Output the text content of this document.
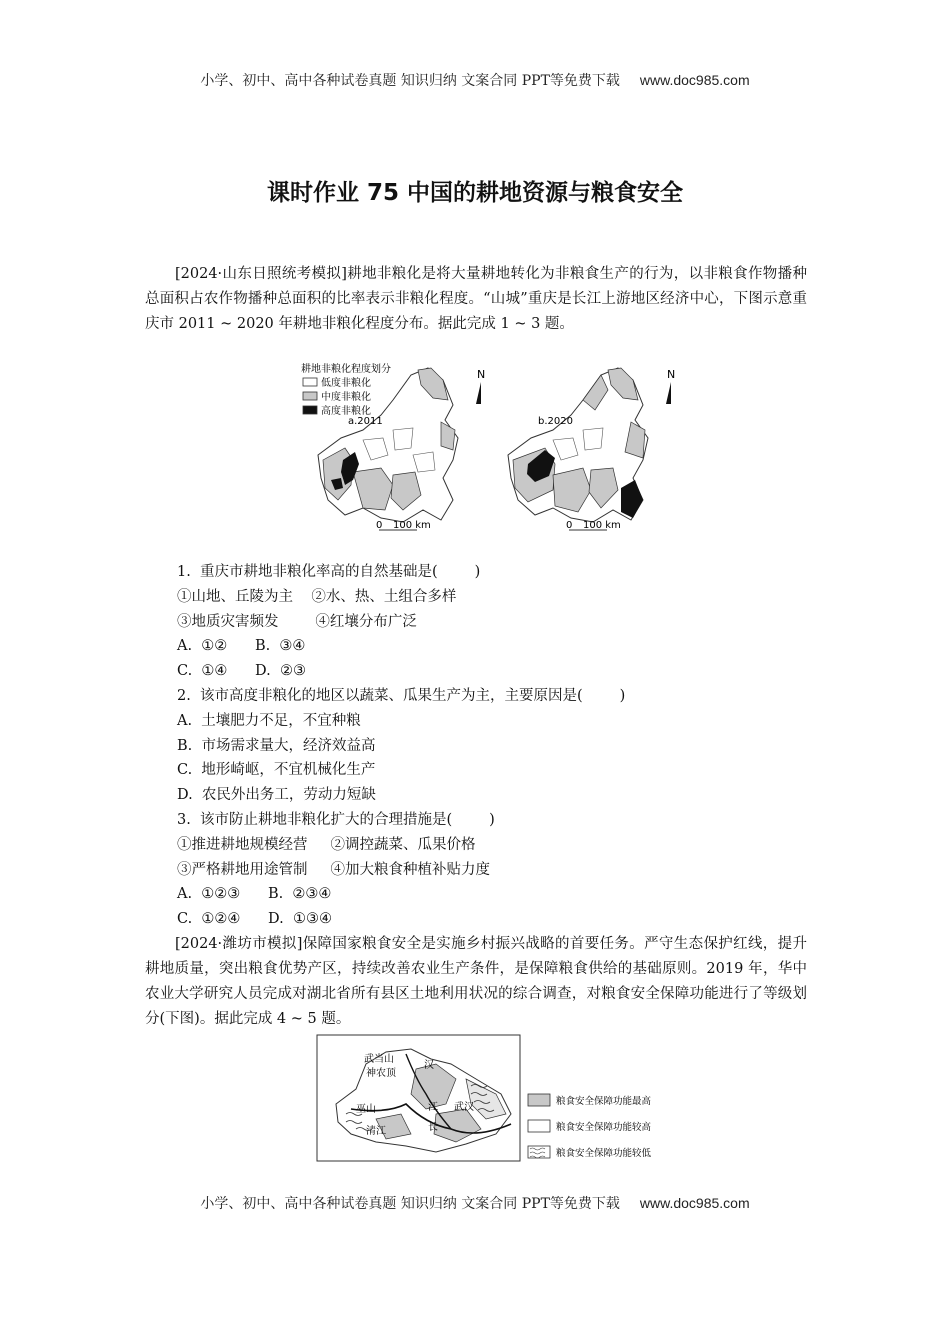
小学、初中、高中各种试卷真题 知识归纳 文案合同 PPT等免费下载 www.doc985.com
课时作业 75 中国的耕地资源与粮食安全
[2024·山东日照统考模拟]耕地非粮化是将大量耕地转化为非粮食生产的行为，以非粮食作物播种总面积占农作物播种总面积的比率表示非粮化程度。“山城”重庆是长江上游地区经济中心，下图示意重庆市 2011 ~ 2020 年耕地非粮化程度分布。据此完成 1 ~ 3 题。
耕地非粮化程度划分
低度非粮化
中度非粮化
高度非粮化
a.2011
N
0 100 km
b.2020
N
0 100 km
1.  重庆市耕地非粮化率高的自然基础是(        )
①山地、丘陵为主    ②水、热、土组合多样
③地质灾害频发        ④红壤分布广泛
A.  ①②      B.  ③④
C.  ①④      D.  ②③
2.  该市高度非粮化的地区以蔬菜、瓜果生产为主，主要原因是(        )
A.  土壤肥力不足，不宜种粮
B.  市场需求量大，经济效益高
C.  地形崎岖，不宜机械化生产
D.  农民外出务工，劳动力短缺
3.  该市防止耕地非粮化扩大的合理措施是(        )
①推进耕地规模经营     ②调控蔬菜、瓜果价格
③严格耕地用途管制     ④加大粮食种植补贴力度
A.  ①②③      B.  ②③④
C.  ①②④      D.  ①③④
[2024·潍坊市模拟]保障国家粮食安全是实施乡村振兴战略的首要任务。严守生态保护红线，提升耕地质量，突出粮食优势产区，持续改善农业生产条件，是保障粮食供给的基础原则。2019 年，华中农业大学研究人员完成对湖北省所有县区土地利用状况的综合调查，对粮食安全保障功能进行了等级划分(下图)。据此完成 4 ~ 5 题。
武当山
神农顶
巫山
清江
汉
江
长
武汉
粮食安全保障功能最高
粮食安全保障功能较高
粮食安全保障功能较低
小学、初中、高中各种试卷真题 知识归纳 文案合同 PPT等免费下载 www.doc985.com
